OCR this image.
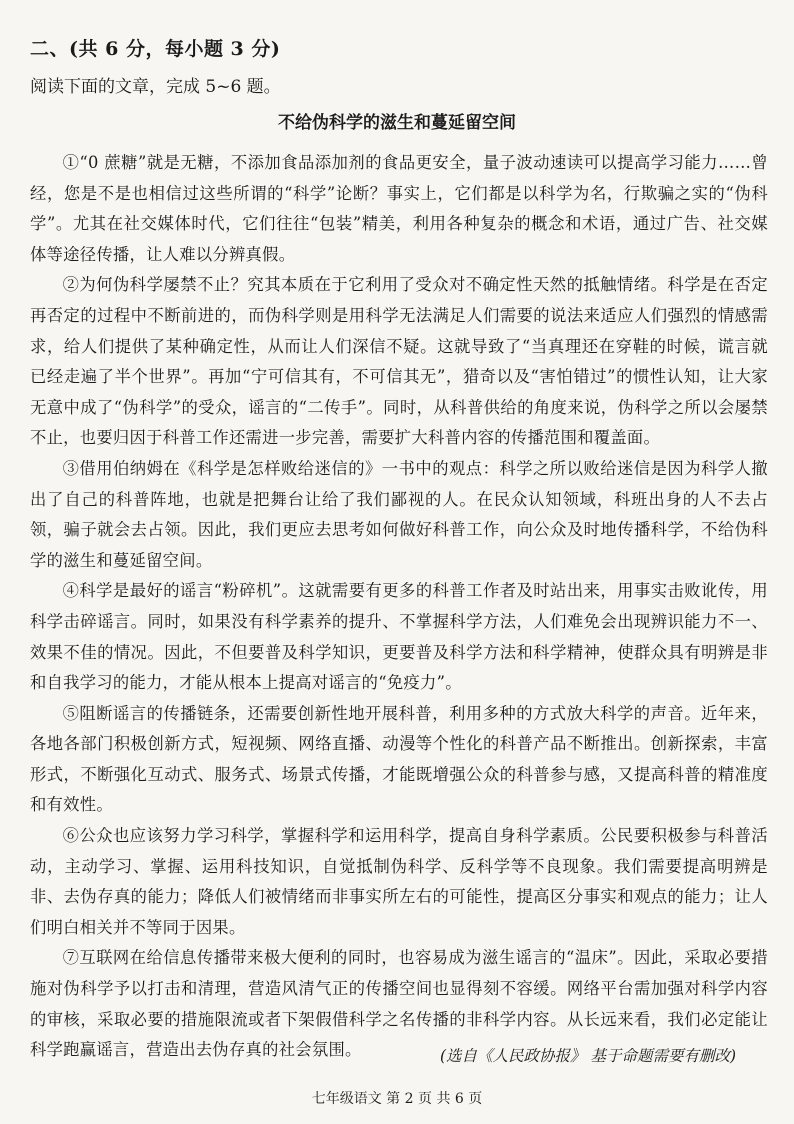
二、(共 6 分，每小题 3 分)
阅读下面的文章，完成 5~6 题。
不给伪科学的滋生和蔓延留空间

①“0 蔗糖”就是无糖，不添加食品添加剂的食品更安全，量子波动速读可以提高学习能力……曾经，您是不是也相信过这些所谓的“科学”论断？事实上，它们都是以科学为名，行欺骗之实的“伪科学”。尤其在社交媒体时代，它们往往“包装”精美，利用各种复杂的概念和术语，通过广告、社交媒体等途径传播，让人难以分辨真假。

②为何伪科学屡禁不止？究其本质在于它利用了受众对不确定性天然的抵触情绪。科学是在否定再否定的过程中不断前进的，而伪科学则是用科学无法满足人们需要的说法来适应人们强烈的情感需求，给人们提供了某种确定性，从而让人们深信不疑。这就导致了“当真理还在穿鞋的时候，谎言就已经走遍了半个世界”。再加“宁可信其有，不可信其无”，猎奇以及“害怕错过”的惯性认知，让大家无意中成了“伪科学”的受众，谣言的“二传手”。同时，从科普供给的角度来说，伪科学之所以会屡禁不止，也要归因于科普工作还需进一步完善，需要扩大科普内容的传播范围和覆盖面。

③借用伯纳姆在《科学是怎样败给迷信的》一书中的观点：科学之所以败给迷信是因为科学人撤出了自己的科普阵地，也就是把舞台让给了我们鄙视的人。在民众认知领域，科班出身的人不去占领，骗子就会去占领。因此，我们更应去思考如何做好科普工作，向公众及时地传播科学，不给伪科学的滋生和蔓延留空间。

④科学是最好的谣言“粉碎机”。这就需要有更多的科普工作者及时站出来，用事实击败讹传，用科学击碎谣言。同时，如果没有科学素养的提升、不掌握科学方法，人们难免会出现辨识能力不一、效果不佳的情况。因此，不但要普及科学知识，更要普及科学方法和科学精神，使群众具有明辨是非和自我学习的能力，才能从根本上提高对谣言的“免疫力”。

⑤阻断谣言的传播链条，还需要创新性地开展科普，利用多种的方式放大科学的声音。近年来，各地各部门积极创新方式，短视频、网络直播、动漫等个性化的科普产品不断推出。创新探索，丰富形式，不断强化互动式、服务式、场景式传播，才能既增强公众的科普参与感，又提高科普的精准度和有效性。

⑥公众也应该努力学习科学，掌握科学和运用科学，提高自身科学素质。公民要积极参与科普活动，主动学习、掌握、运用科技知识，自觉抵制伪科学、反科学等不良现象。我们需要提高明辨是非、去伪存真的能力；降低人们被情绪而非事实所左右的可能性，提高区分事实和观点的能力；让人们明白相关并不等同于因果。

⑦互联网在给信息传播带来极大便利的同时，也容易成为滋生谣言的“温床”。因此，采取必要措施对伪科学予以打击和清理，营造风清气正的传播空间也显得刻不容缓。网络平台需加强对科学内容的审核，采取必要的措施限流或者下架假借科学之名传播的非科学内容。从长远来看，我们必定能让科学跑赢谣言，营造出去伪存真的社会氛围。	(选自《人民政协报》 基于命题需要有删改)
七年级语文 第 2 页 共 6 页
